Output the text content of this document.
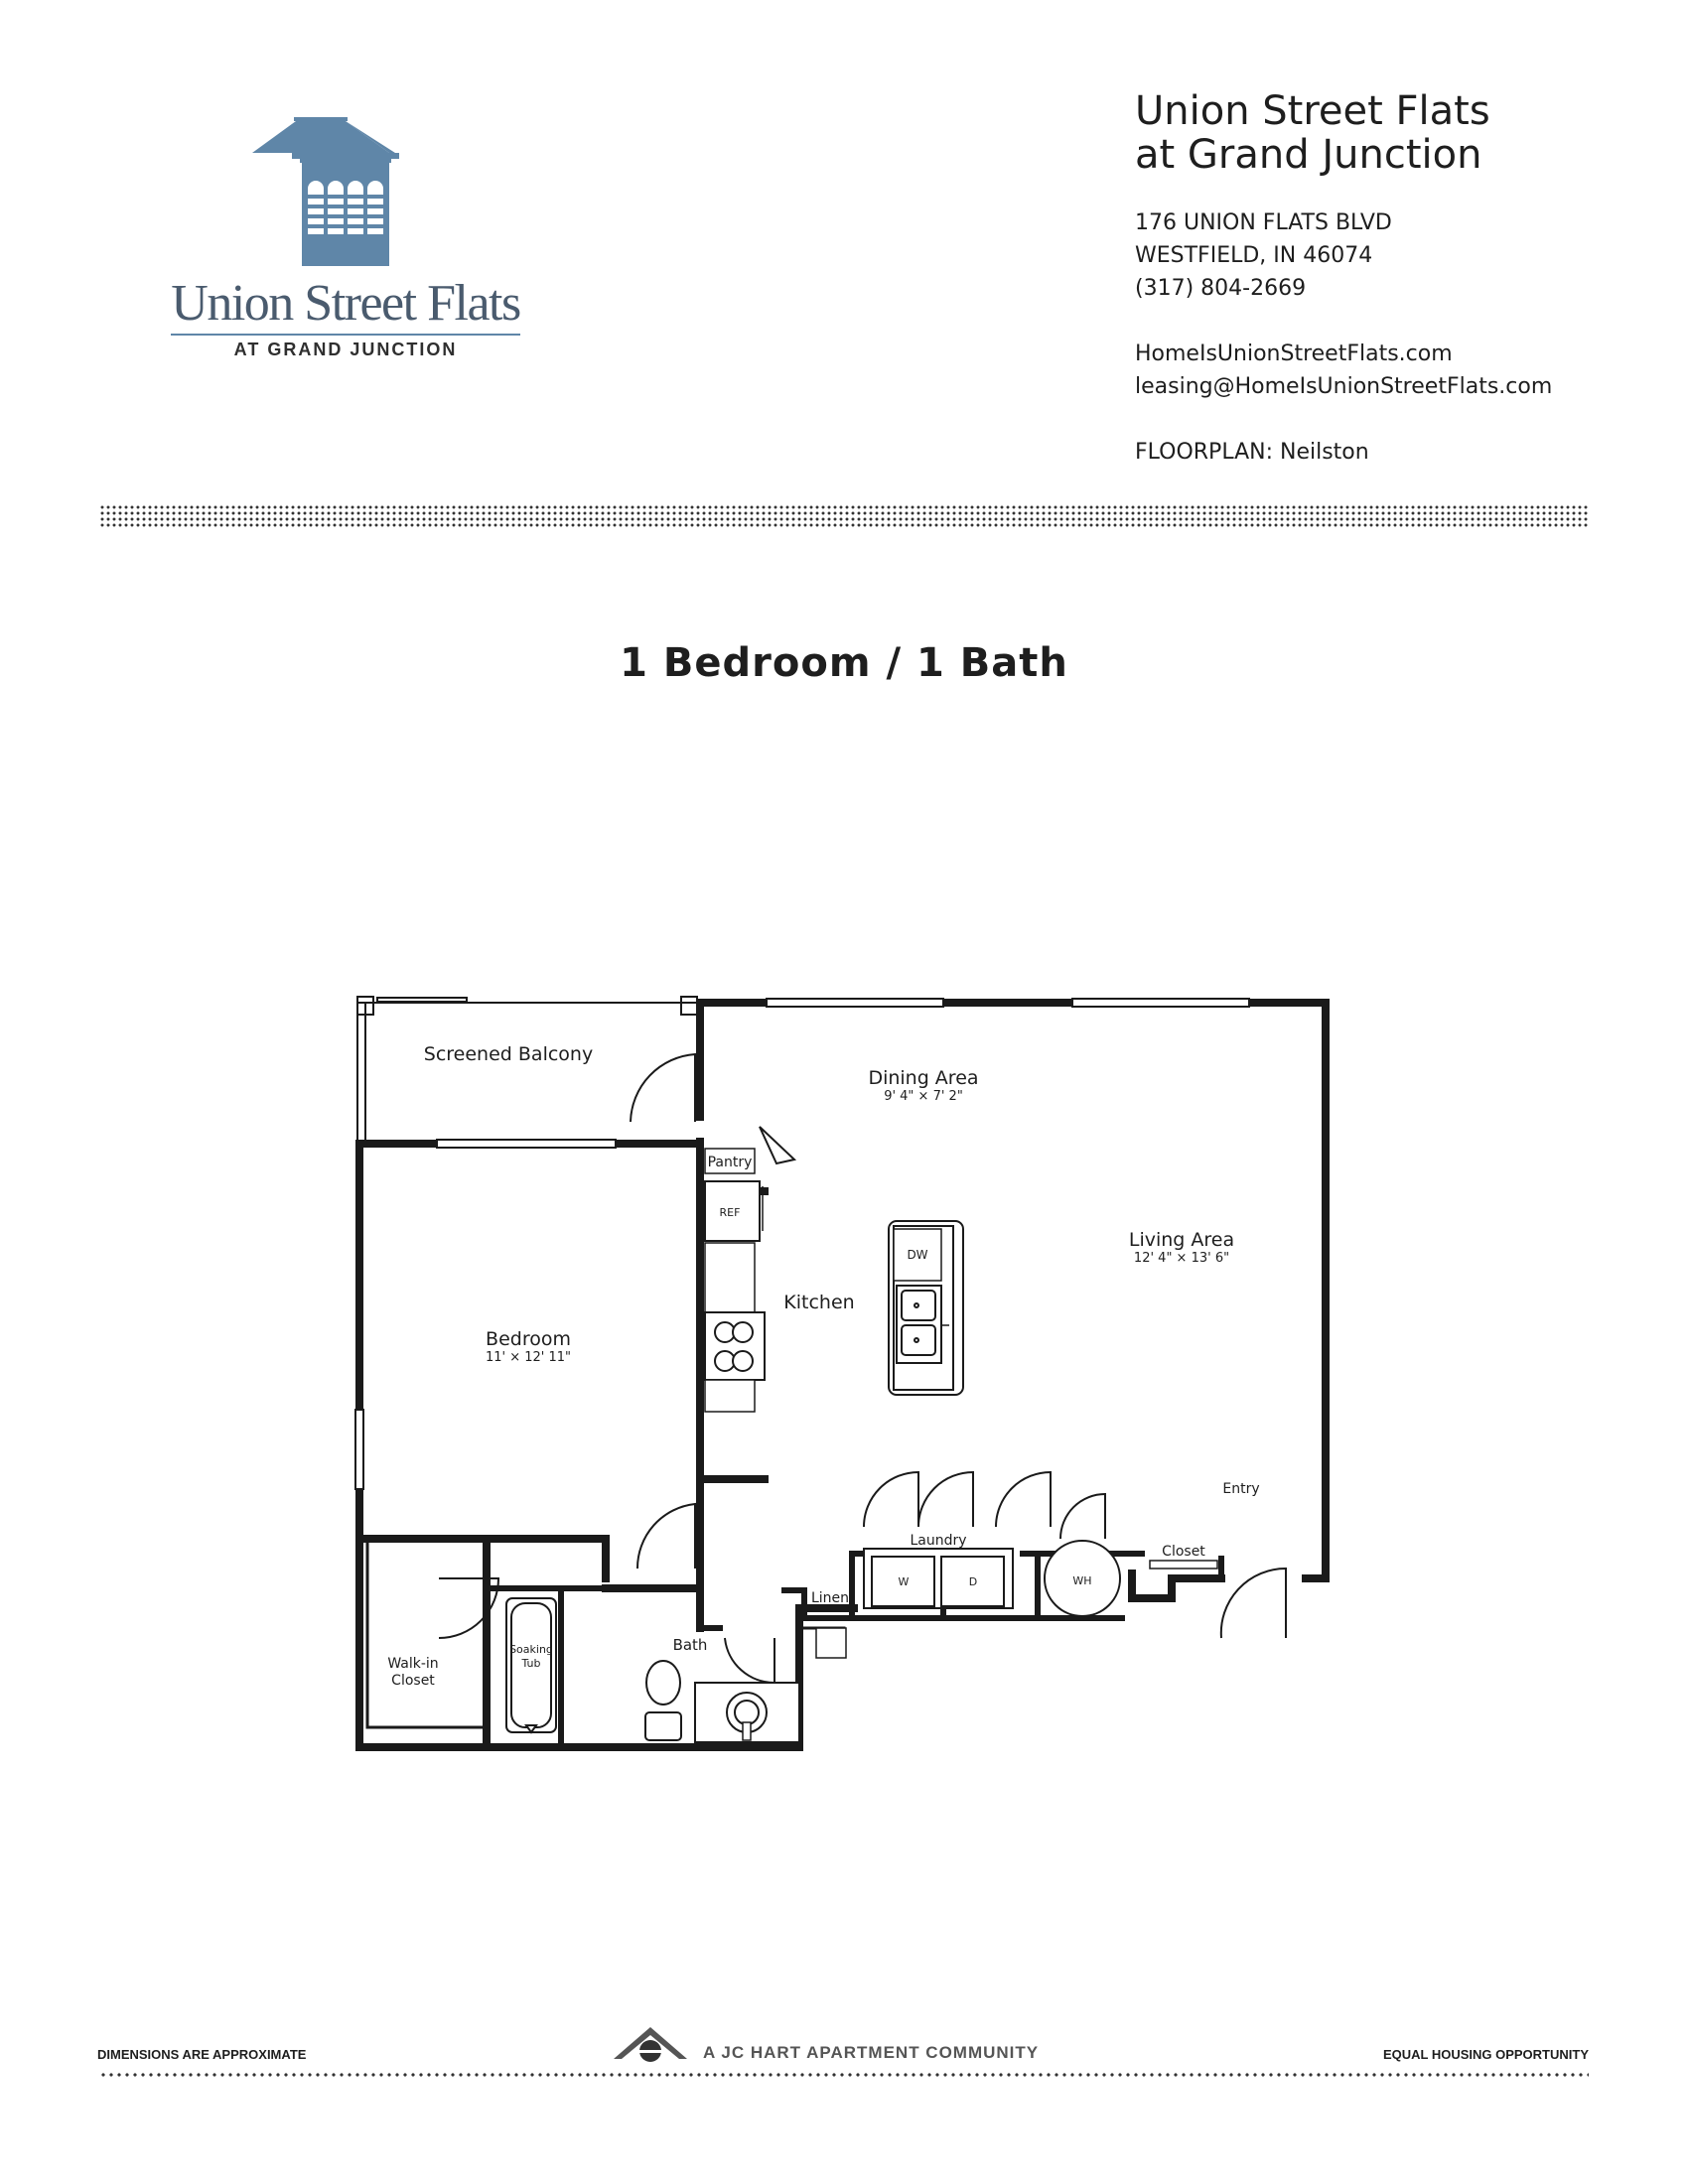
Union Street Flats
AT GRAND JUNCTION
Union Street Flats
at Grand Junction
176 UNION FLATS BLVD
WESTFIELD, IN 46074
(317) 804-2669
HomeIsUnionStreetFlats.com
leasing@HomeIsUnionStreetFlats.com
FLOORPLAN: Neilston
1 Bedroom / 1 Bath
Screened Balcony
Dining Area
9' 4" × 7' 2"
Living Area
12' 4" × 13' 6"
Bedroom
11' × 12' 11"
Kitchen
Pantry
REF
DW
Laundry
W	D	WH
Closet
Entry
Linen
Bath
Soaking
Tub
Walk-in
Closet
DIMENSIONS ARE APPROXIMATE	A JC HART APARTMENT COMMUNITY	EQUAL HOUSING OPPORTUNITY
